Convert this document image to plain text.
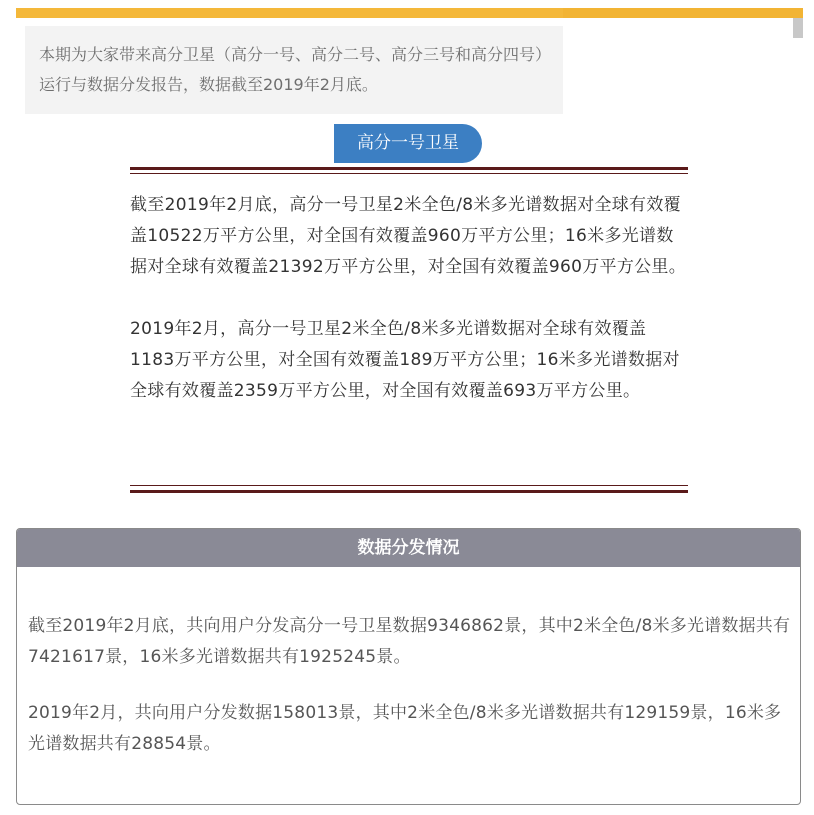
本期为大家带来高分卫星（高分一号、高分二号、高分三号和高分四号）运行与数据分发报告，数据截至2019年2月底。
高分一号卫星

截至2019年2月底，高分一号卫星2米全色/8米多光谱数据对全球有效覆盖10522万平方公里，对全国有效覆盖960万平方公里；16米多光谱数据对全球有效覆盖21392万平方公里，对全国有效覆盖960万平方公里。

2019年2月，高分一号卫星2米全色/8米多光谱数据对全球有效覆盖1183万平方公里，对全国有效覆盖189万平方公里；16米多光谱数据对全球有效覆盖2359万平方公里，对全国有效覆盖693万平方公里。

数据分发情况

截至2019年2月底，共向用户分发高分一号卫星数据9346862景，其中2米全色/8米多光谱数据共有7421617景，16米多光谱数据共有1925245景。

2019年2月，共向用户分发数据158013景，其中2米全色/8米多光谱数据共有129159景，16米多光谱数据共有28854景。
